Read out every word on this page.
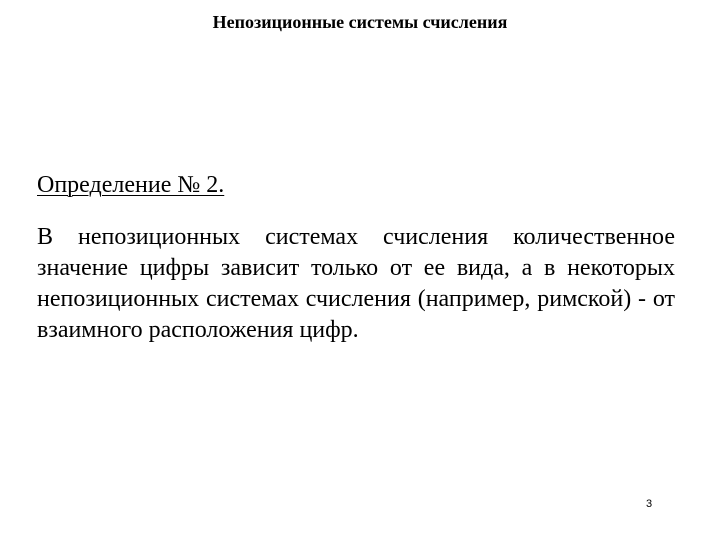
Непозиционные системы счисления
Определение № 2.

В непозиционных системах счисления количественное значение цифры зависит только от ее вида, а в некоторых непозиционных системах счисления (например, римской) - от взаимного расположения цифр.

3
